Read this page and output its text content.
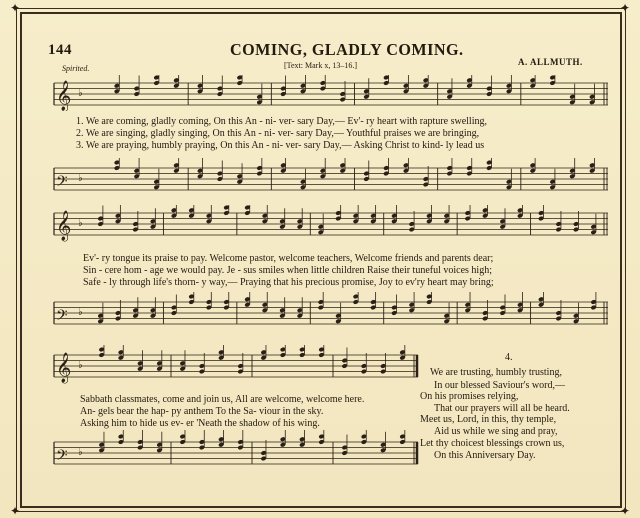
✦	✦
✦	✦
144	COMING, GLADLY COMING.
[Text: Mark x, 13–16.]	A. ALLMUTH.
Spirited.
𝄞 ♭
1. We are coming, gladly coming, On this An - ni- ver- sary Day,— Ev'- ry heart with rapture swelling,
2. We are singing, gladly singing, On this An - ni- ver- sary Day,— Youthful praises we are bringing,
3. We are praying, humbly praying, On this An - ni- ver- sary Day,— Asking Christ to kind- ly lead us
𝄢 ♭
𝄞 ♭
Ev'- ry tongue its praise to pay. Welcome pastor, welcome teachers, Welcome friends and parents dear;
Sin - cere hom - age we would pay. Je - sus smiles when little children Raise their tuneful voices high;
Safe - ly through life's thorn- y way,— Praying that his precious promise, Joy to ev'ry heart may bring;
𝄢 ♭
𝄞 ♭
Sabbath classmates, come and join us, All are welcome, welcome here.
An- gels bear the hap- py anthem To the Sa- viour in the sky.
Asking him to hide us ev- er 'Neath the shadow of his wing.
𝄢 ♭
4.
We are trusting, humbly trusting,
In our blessed Saviour's word,—
On his promises relying,
That our prayers will all be heard.
Meet us, Lord, in this, thy temple,
Aid us while we sing and pray,
Let thy choicest blessings crown us,
On this Anniversary Day.
